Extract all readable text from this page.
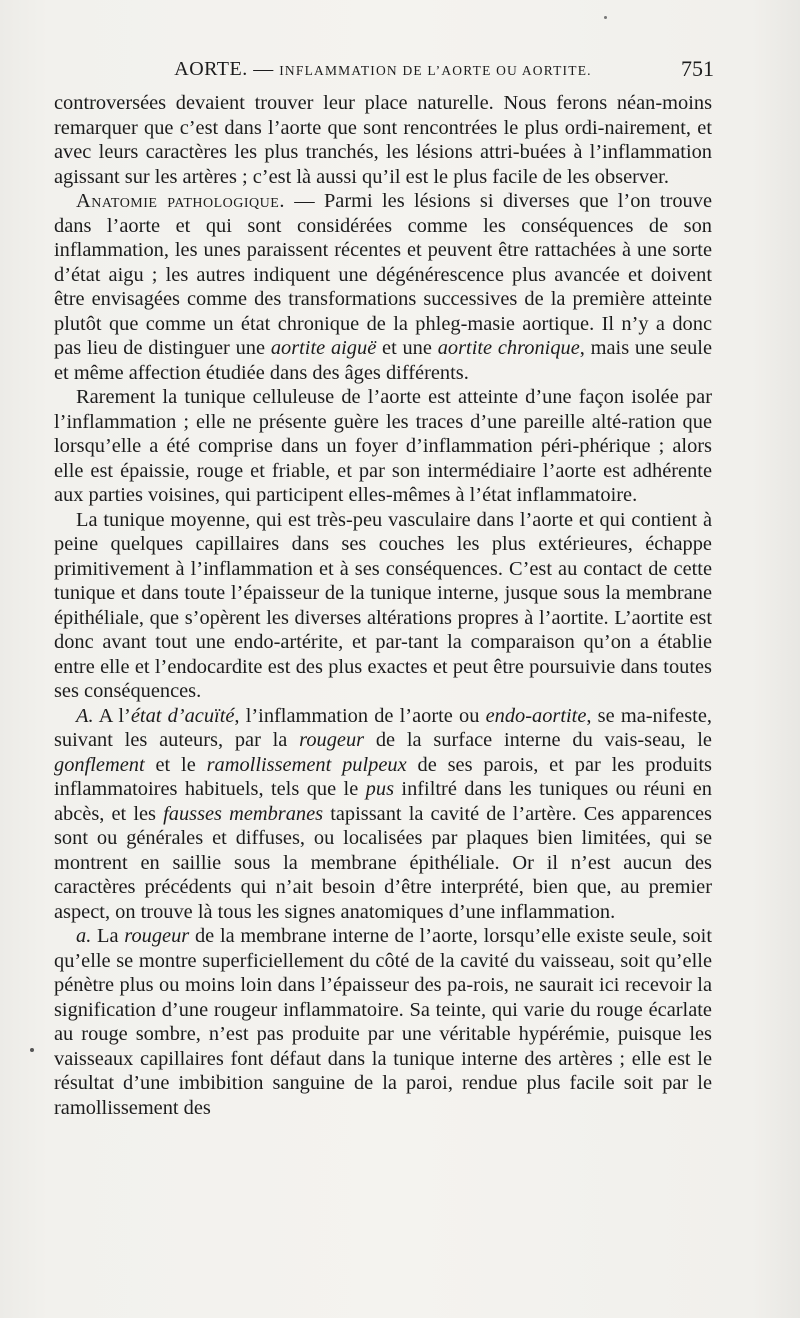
AORTE. — INFLAMMATION DE L’AORTE OU AORTITE.	751

controversées devaient trouver leur place naturelle. Nous ferons néan-moins remarquer que c’est dans l’aorte que sont rencontrées le plus ordi-nairement, et avec leurs caractères les plus tranchés, les lésions attri-buées à l’inflammation agissant sur les artères ; c’est là aussi qu’il est le plus facile de les observer.

Anatomie pathologique. — Parmi les lésions si diverses que l’on trouve dans l’aorte et qui sont considérées comme les conséquences de son inflammation, les unes paraissent récentes et peuvent être rattachées à une sorte d’état aigu ; les autres indiquent une dégénérescence plus avancée et doivent être envisagées comme des transformations successives de la première atteinte plutôt que comme un état chronique de la phleg-masie aortique. Il n’y a donc pas lieu de distinguer une aortite aiguë et une aortite chronique, mais une seule et même affection étudiée dans des âges différents.

Rarement la tunique celluleuse de l’aorte est atteinte d’une façon isolée par l’inflammation ; elle ne présente guère les traces d’une pareille alté-ration que lorsqu’elle a été comprise dans un foyer d’inflammation péri-phérique ; alors elle est épaissie, rouge et friable, et par son intermédiaire l’aorte est adhérente aux parties voisines, qui participent elles-mêmes à l’état inflammatoire.

La tunique moyenne, qui est très-peu vasculaire dans l’aorte et qui contient à peine quelques capillaires dans ses couches les plus extérieures, échappe primitivement à l’inflammation et à ses conséquences. C’est au contact de cette tunique et dans toute l’épaisseur de la tunique interne, jusque sous la membrane épithéliale, que s’opèrent les diverses altérations propres à l’aortite. L’aortite est donc avant tout une endo-artérite, et par-tant la comparaison qu’on a établie entre elle et l’endocardite est des plus exactes et peut être poursuivie dans toutes ses conséquences.

A. A l’état d’acuïté, l’inflammation de l’aorte ou endo-aortite, se ma-nifeste, suivant les auteurs, par la rougeur de la surface interne du vais-seau, le gonflement et le ramollissement pulpeux de ses parois, et par les produits inflammatoires habituels, tels que le pus infiltré dans les tuniques ou réuni en abcès, et les fausses membranes tapissant la cavité de l’artère. Ces apparences sont ou générales et diffuses, ou localisées par plaques bien limitées, qui se montrent en saillie sous la membrane épithéliale. Or il n’est aucun des caractères précédents qui n’ait besoin d’être interprété, bien que, au premier aspect, on trouve là tous les signes anatomiques d’une inflammation.

a. La rougeur de la membrane interne de l’aorte, lorsqu’elle existe seule, soit qu’elle se montre superficiellement du côté de la cavité du vaisseau, soit qu’elle pénètre plus ou moins loin dans l’épaisseur des pa-rois, ne saurait ici recevoir la signification d’une rougeur inflammatoire. Sa teinte, qui varie du rouge écarlate au rouge sombre, n’est pas produite par une véritable hypérémie, puisque les vaisseaux capillaires font défaut dans la tunique interne des artères ; elle est le résultat d’une imbibition sanguine de la paroi, rendue plus facile soit par le ramollissement des
